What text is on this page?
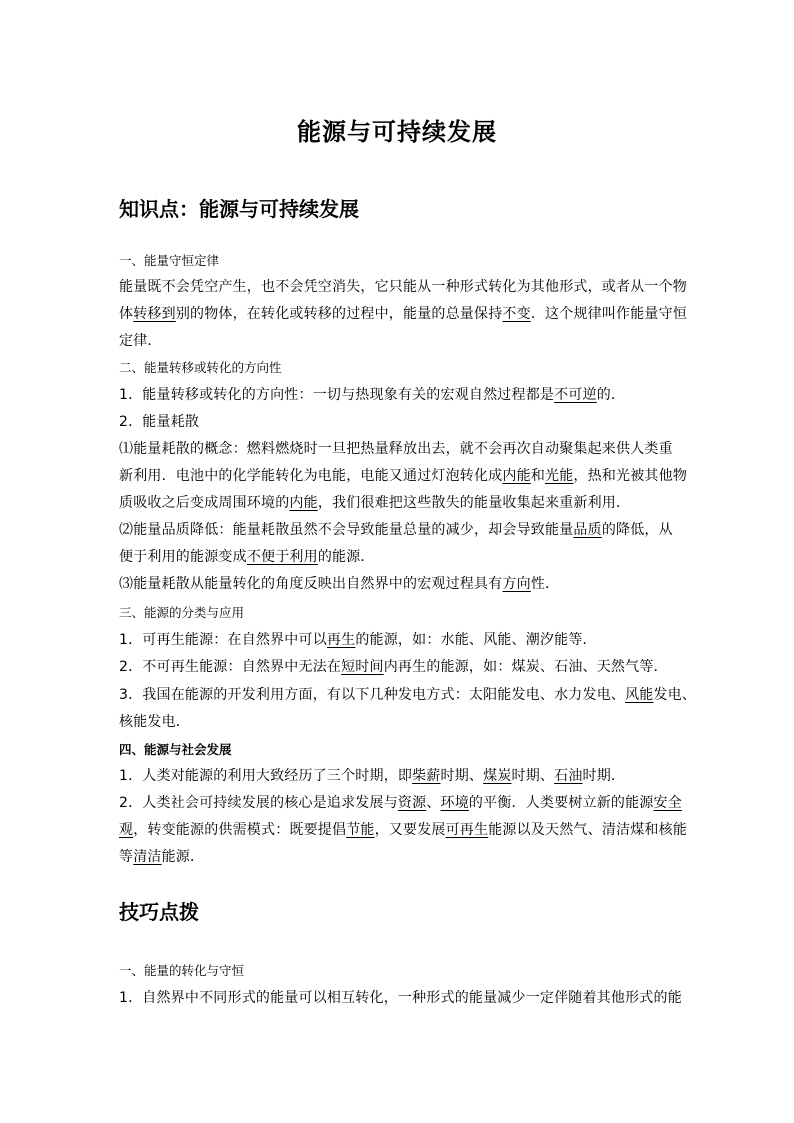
能源与可持续发展
知识点：能源与可持续发展
一、能量守恒定律
能量既不会凭空产生，也不会凭空消失，它只能从一种形式转化为其他形式，或者从一个物
体转移到别的物体，在转化或转移的过程中，能量的总量保持不变．这个规律叫作能量守恒
定律．
二、能量转移或转化的方向性
1．能量转移或转化的方向性：一切与热现象有关的宏观自然过程都是不可逆的．
2．能量耗散
⑴能量耗散的概念：燃料燃烧时一旦把热量释放出去，就不会再次自动聚集起来供人类重
新利用．电池中的化学能转化为电能，电能又通过灯泡转化成内能和光能，热和光被其他物
质吸收之后变成周围环境的内能，我们很难把这些散失的能量收集起来重新利用．
⑵能量品质降低：能量耗散虽然不会导致能量总量的减少，却会导致能量品质的降低，从
便于利用的能源变成不便于利用的能源．
⑶能量耗散从能量转化的角度反映出自然界中的宏观过程具有方向性．
三、能源的分类与应用
1．可再生能源：在自然界中可以再生的能源，如：水能、风能、潮汐能等．
2．不可再生能源：自然界中无法在短时间内再生的能源，如：煤炭、石油、天然气等．
3．我国在能源的开发利用方面，有以下几种发电方式：太阳能发电、水力发电、风能发电、
核能发电．
四、能源与社会发展
1．人类对能源的利用大致经历了三个时期，即柴薪时期、煤炭时期、石油时期．
2．人类社会可持续发展的核心是追求发展与资源、环境的平衡．人类要树立新的能源安全
观，转变能源的供需模式：既要提倡节能，又要发展可再生能源以及天然气、清洁煤和核能
等清洁能源．
技巧点拨
一、能量的转化与守恒
1．自然界中不同形式的能量可以相互转化，一种形式的能量减少一定伴随着其他形式的能
